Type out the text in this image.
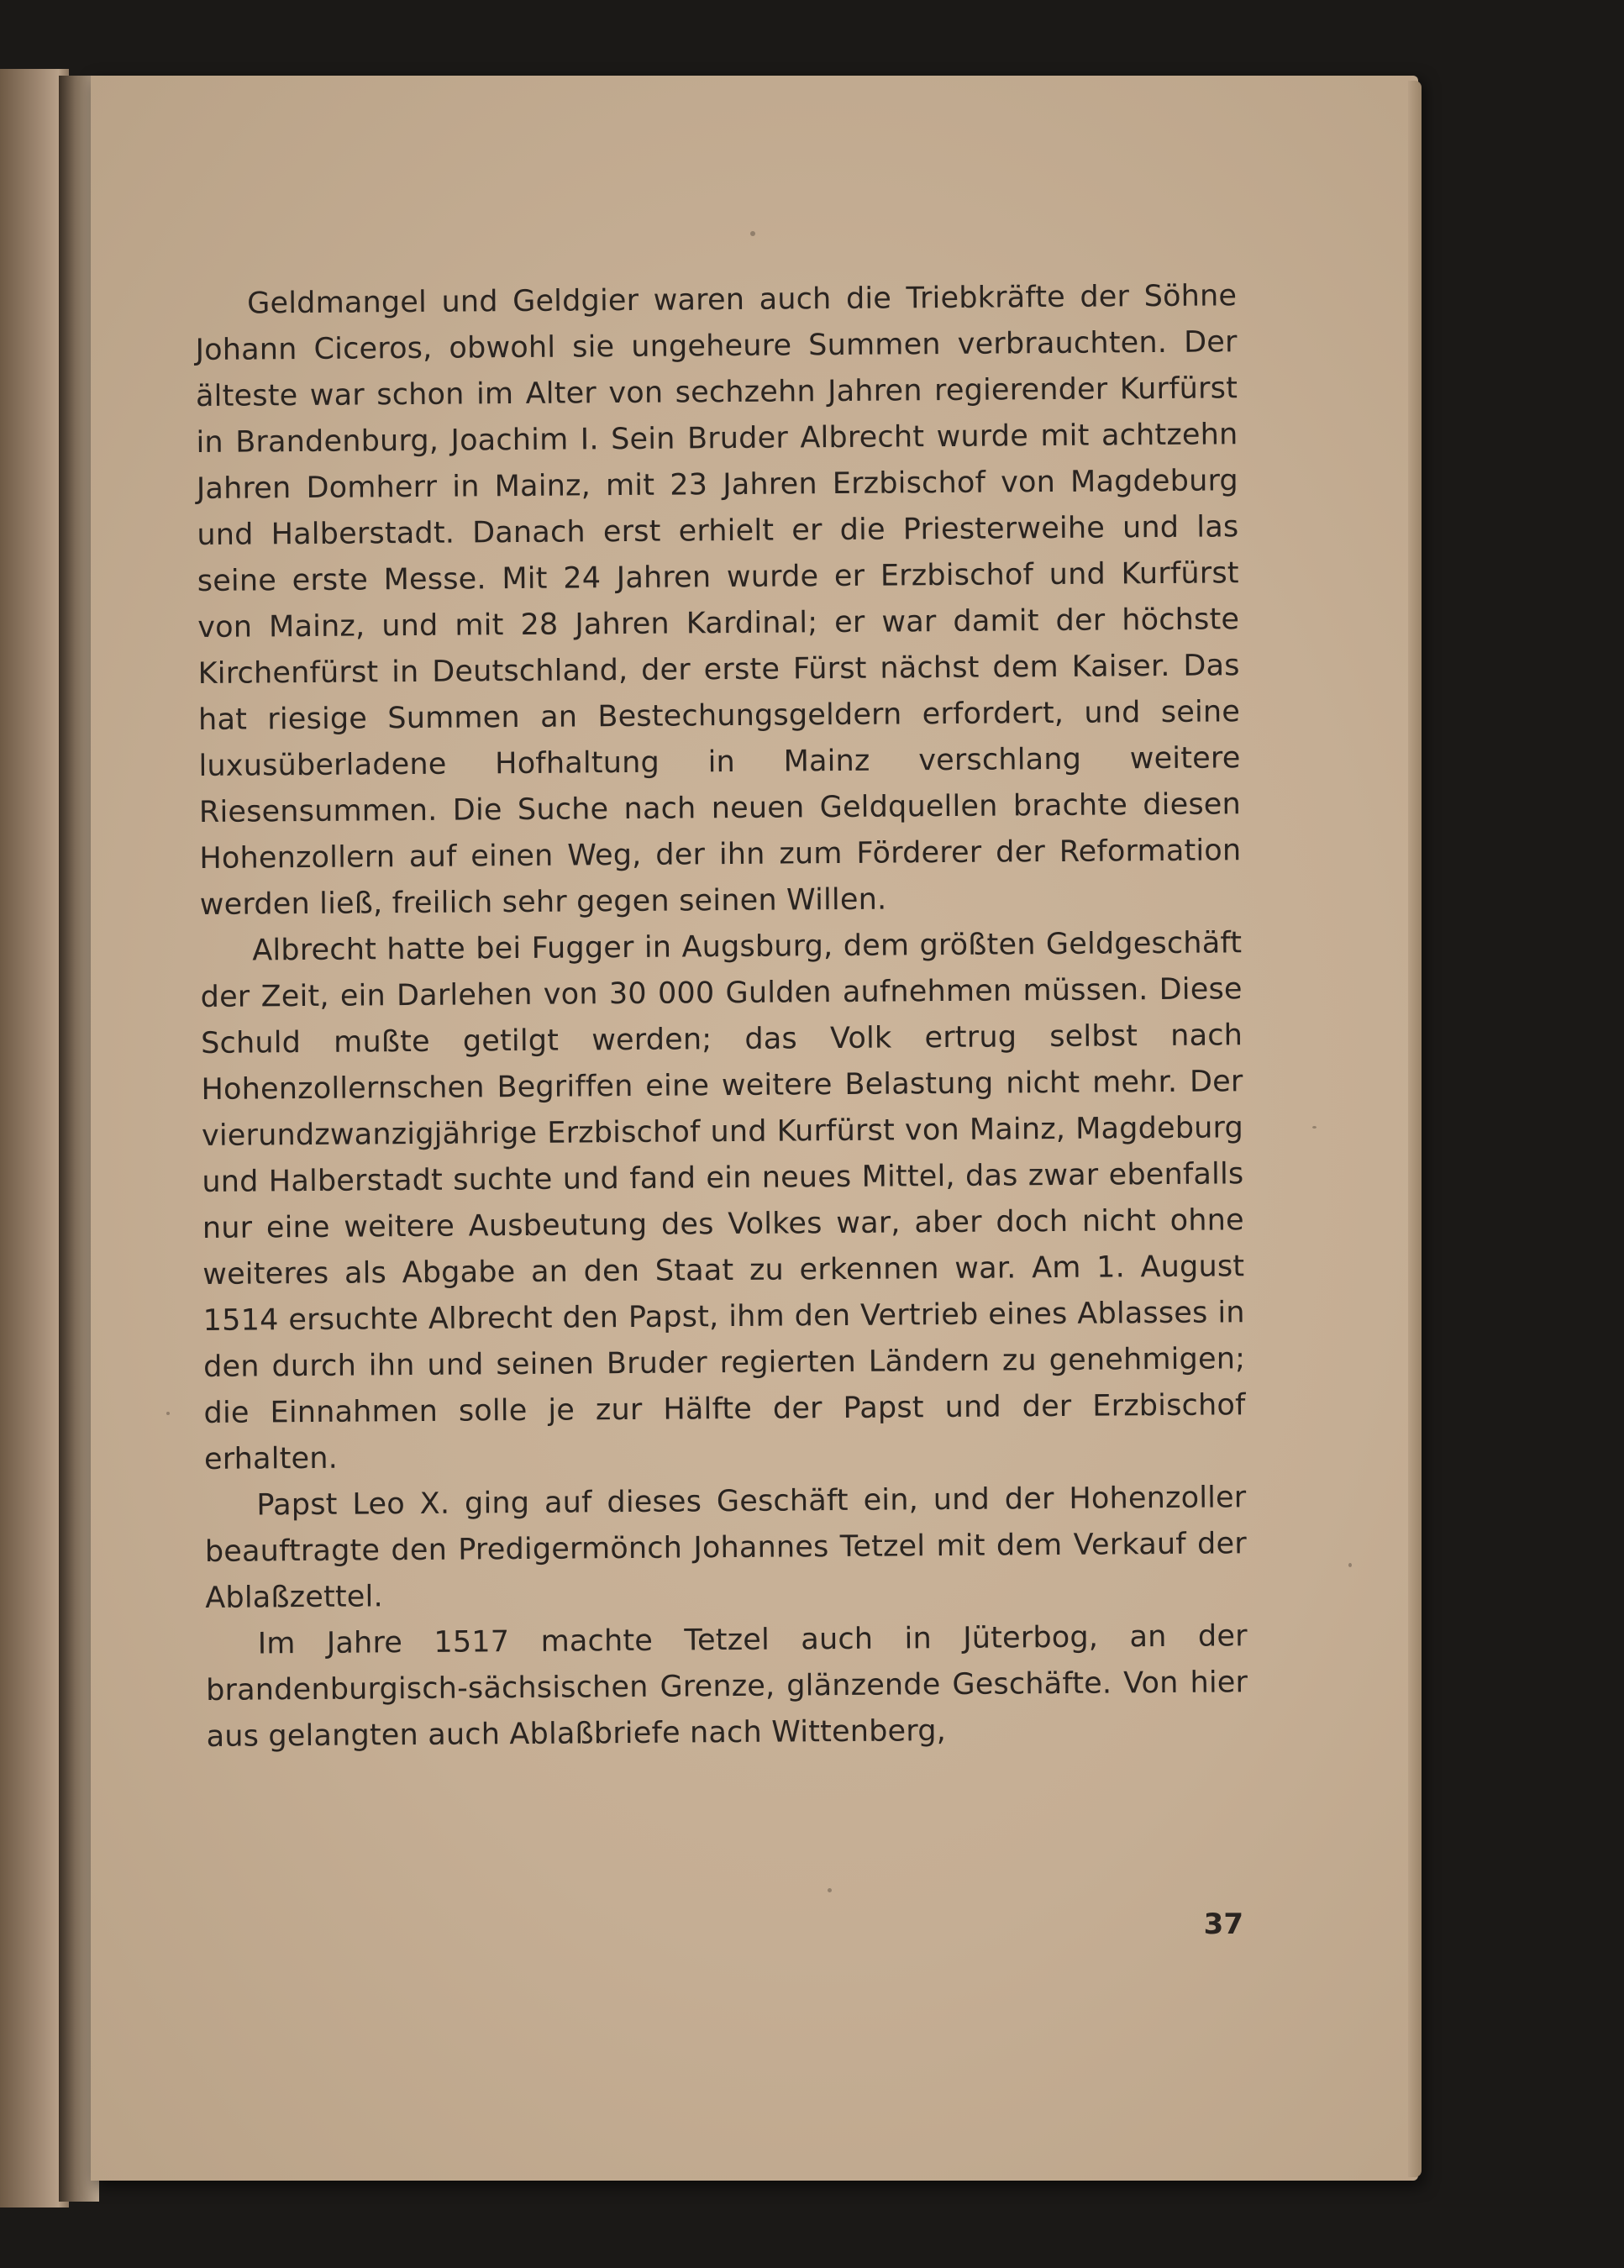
Geldmangel und Geldgier waren auch die Triebkräfte der Söhne Johann Ciceros, obwohl sie ungeheure Summen verbrauchten. Der älteste war schon im Alter von sechzehn Jahren regierender Kurfürst in Brandenburg, Joachim I. Sein Bruder Albrecht wurde mit achtzehn Jahren Domherr in Mainz, mit 23 Jahren Erzbischof von Magdeburg und Halberstadt. Danach erst erhielt er die Priesterweihe und las seine erste Messe. Mit 24 Jahren wurde er Erzbischof und Kurfürst von Mainz, und mit 28 Jahren Kardinal; er war damit der höchste Kirchenfürst in Deutschland, der erste Fürst nächst dem Kaiser. Das hat riesige Summen an Bestechungsgeldern erfordert, und seine luxusüberladene Hofhaltung in Mainz verschlang weitere Riesensummen. Die Suche nach neuen Geldquellen brachte diesen Hohenzollern auf einen Weg, der ihn zum Förderer der Reformation werden ließ, freilich sehr gegen seinen Willen.

Albrecht hatte bei Fugger in Augsburg, dem größten Geldgeschäft der Zeit, ein Darlehen von 30 000 Gulden aufnehmen müssen. Diese Schuld mußte getilgt werden; das Volk ertrug selbst nach Hohenzollernschen Begriffen eine weitere Belastung nicht mehr. Der vierundzwanzigjährige Erzbischof und Kurfürst von Mainz, Magdeburg und Halberstadt suchte und fand ein neues Mittel, das zwar ebenfalls nur eine weitere Ausbeutung des Volkes war, aber doch nicht ohne weiteres als Abgabe an den Staat zu erkennen war. Am 1. August 1514 ersuchte Albrecht den Papst, ihm den Vertrieb eines Ablasses in den durch ihn und seinen Bruder regierten Ländern zu genehmigen; die Einnahmen solle je zur Hälfte der Papst und der Erzbischof erhalten.

Papst Leo X. ging auf dieses Geschäft ein, und der Hohenzoller beauftragte den Predigermönch Johannes Tetzel mit dem Verkauf der Ablaßzettel.

Im Jahre 1517 machte Tetzel auch in Jüterbog, an der brandenburgisch-sächsischen Grenze, glänzende Geschäfte. Von hier aus gelangten auch Ablaßbriefe nach Wittenberg,

37
